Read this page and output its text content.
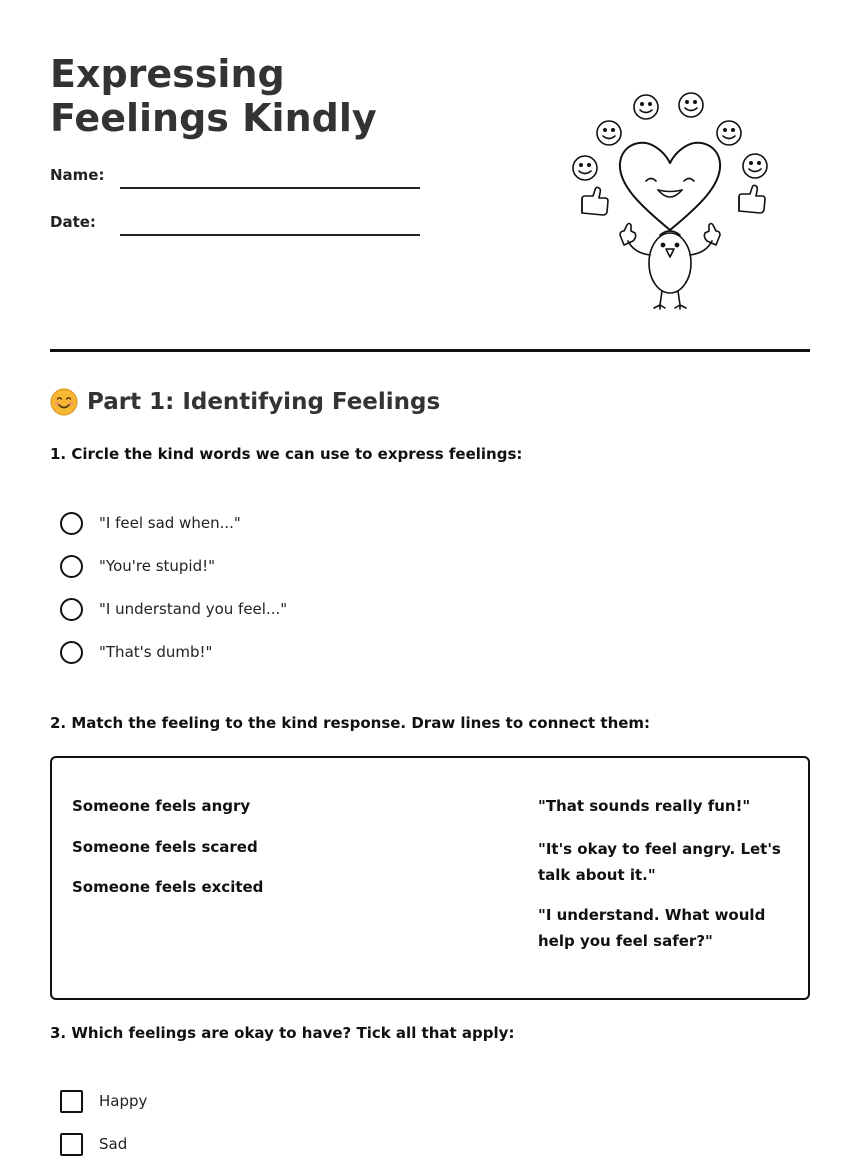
Expressing Feelings Kindly
Name:
Date:
Part 1: Identifying Feelings
1. Circle the kind words we can use to express feelings:
"I feel sad when..."
"You're stupid!"
"I understand you feel..."
"That's dumb!"
2. Match the feeling to the kind response. Draw lines to connect them:
Someone feels angry
Someone feels scared
Someone feels excited
"That sounds really fun!"
"It's okay to feel angry. Let's talk about it."
"I understand. What would help you feel safer?"
3. Which feelings are okay to have? Tick all that apply:
Happy
Sad
